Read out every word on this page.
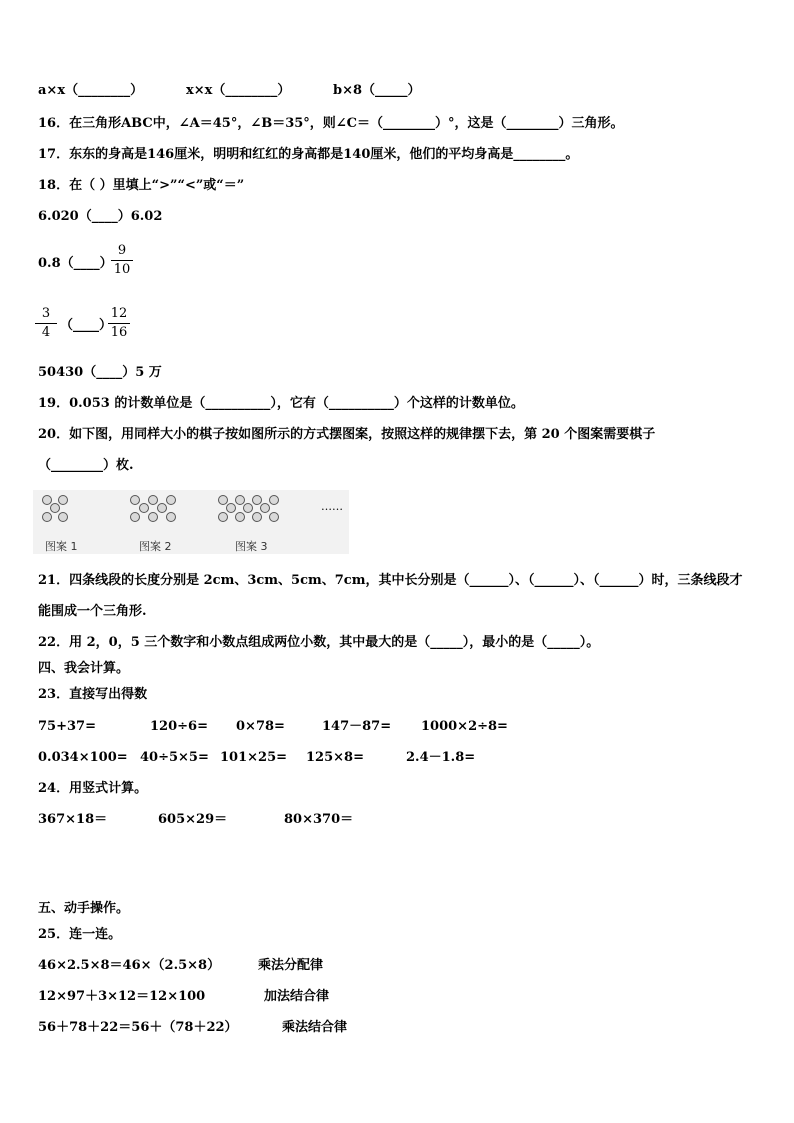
a×x（________）	x×x（________）	b×8（_____）
16．在三角形ABC中，∠A＝45°，∠B＝35°，则∠C＝（________）°，这是（________）三角形。
17．东东的身高是146厘米，明明和红红的身高都是140厘米，他们的平均身高是________。
18．在（ ）里填上“>”“<”或“＝”
6.020（____）6.02
0.8（____）
9
10
3
4 （____）
12
16
50430（____）5 万
19．0.053 的计数单位是（__________），它有（__________）个这样的计数单位。
20．如下图，用同样大小的棋子按如图所示的方式摆图案，按照这样的规律摆下去，第 20 个图案需要棋子
（________）枚.
……
图案 1	图案 2	图案 3
21．四条线段的长度分别是 2cm、3cm、5cm、7cm，其中长分别是（______）、（______）、（______）时，三条线段才
能围成一个三角形.
22．用 2，0，5 三个数字和小数点组成两位小数，其中最大的是（_____），最小的是（_____）。
四、我会计算。
23．直接写出得数
75+37=	120÷6= 0×78=	147－87= 1000×2÷8=
0.034×100= 40÷5×5= 101×25= 125×8=	2.4－1.8=
24．用竖式计算。
367×18＝	605×29＝	80×370＝
五、动手操作。
25．连一连。
46×2.5×8＝46×（2.5×8）	乘法分配律
12×97＋3×12＝12×100	加法结合律
56＋78＋22＝56＋（78＋22）	乘法结合律
